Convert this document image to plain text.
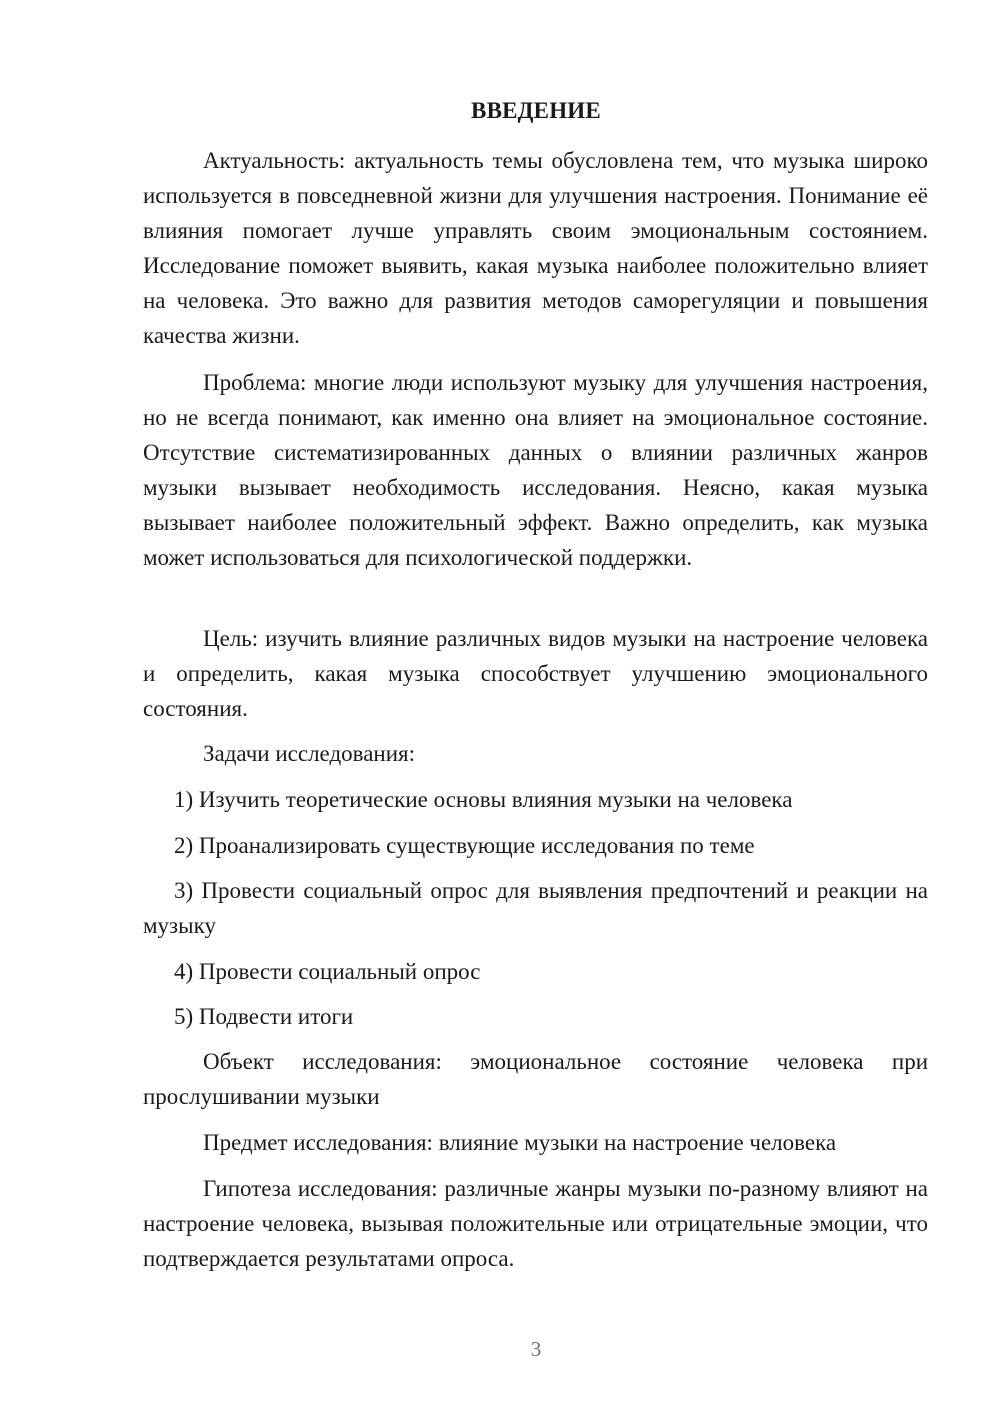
ВВЕДЕНИЕ

Актуальность: актуальность темы обусловлена тем, что музыка широко используется в повседневной жизни для улучшения настроения. Понимание её влияния помогает лучше управлять своим эмоциональным состоянием. Исследование поможет выявить, какая музыка наиболее положительно влияет на человека. Это важно для развития методов саморегуляции и повышения качества жизни.

Проблема: многие люди используют музыку для улучшения настроения, но не всегда понимают, как именно она влияет на эмоциональное состояние. Отсутствие систематизированных данных о влиянии различных жанров музыки вызывает необходимость исследования. Неясно, какая музыка вызывает наиболее положительный эффект. Важно определить, как музыка может использоваться для психологической поддержки.

Цель: изучить влияние различных видов музыки на настроение человека и определить, какая музыка способствует улучшению эмоционального состояния.

Задачи исследования:

1) Изучить теоретические основы влияния музыки на человека

2) Проанализировать существующие исследования по теме

3) Провести социальный опрос для выявления предпочтений и реакции на музыку

4) Провести социальный опрос

5) Подвести итоги

Объект исследования: эмоциональное состояние человека при прослушивании музыки

Предмет исследования: влияние музыки на настроение человека

Гипотеза исследования: различные жанры музыки по-разному влияют на настроение человека, вызывая положительные или отрицательные эмоции, что подтверждается результатами опроса.

3
